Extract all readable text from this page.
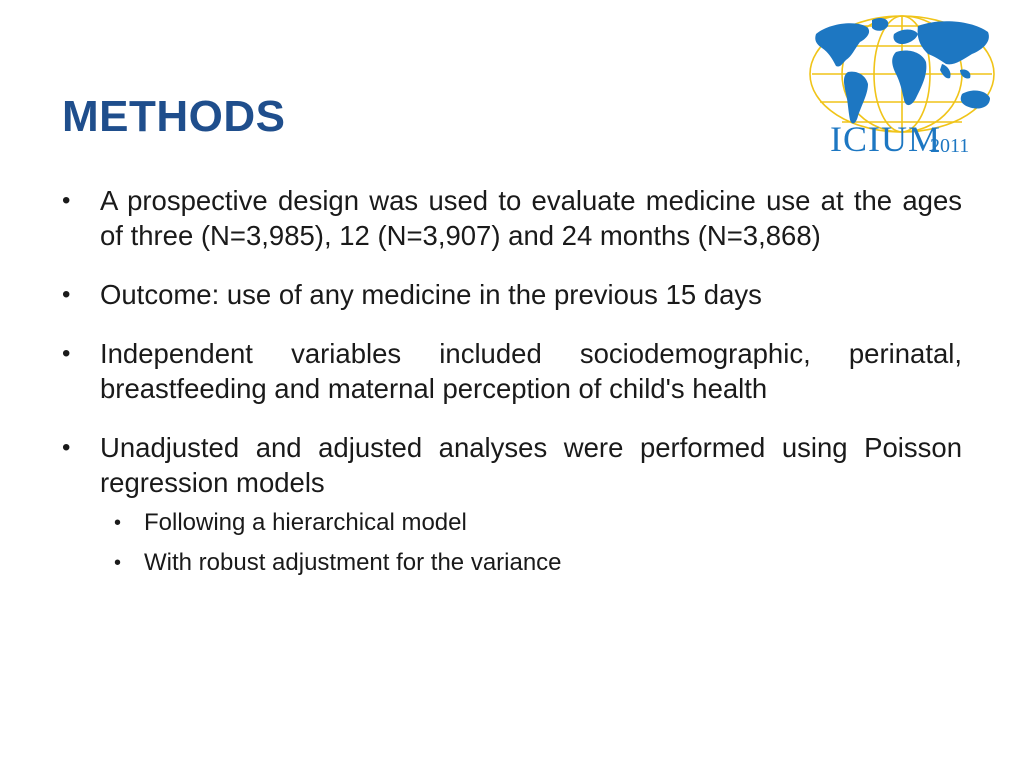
METHODS	ICIUM
2011
•	A prospective design was used to evaluate medicine use at the ages of three (N=3,985), 12 (N=3,907) and 24 months (N=3,868)
•	Outcome: use of any medicine in the previous 15 days
•	Independent variables included sociodemographic, perinatal, breastfeeding and maternal perception of child's health
•	Unadjusted and adjusted analyses were performed using Poisson regression models
• Following a hierarchical model
• With robust adjustment for the variance
